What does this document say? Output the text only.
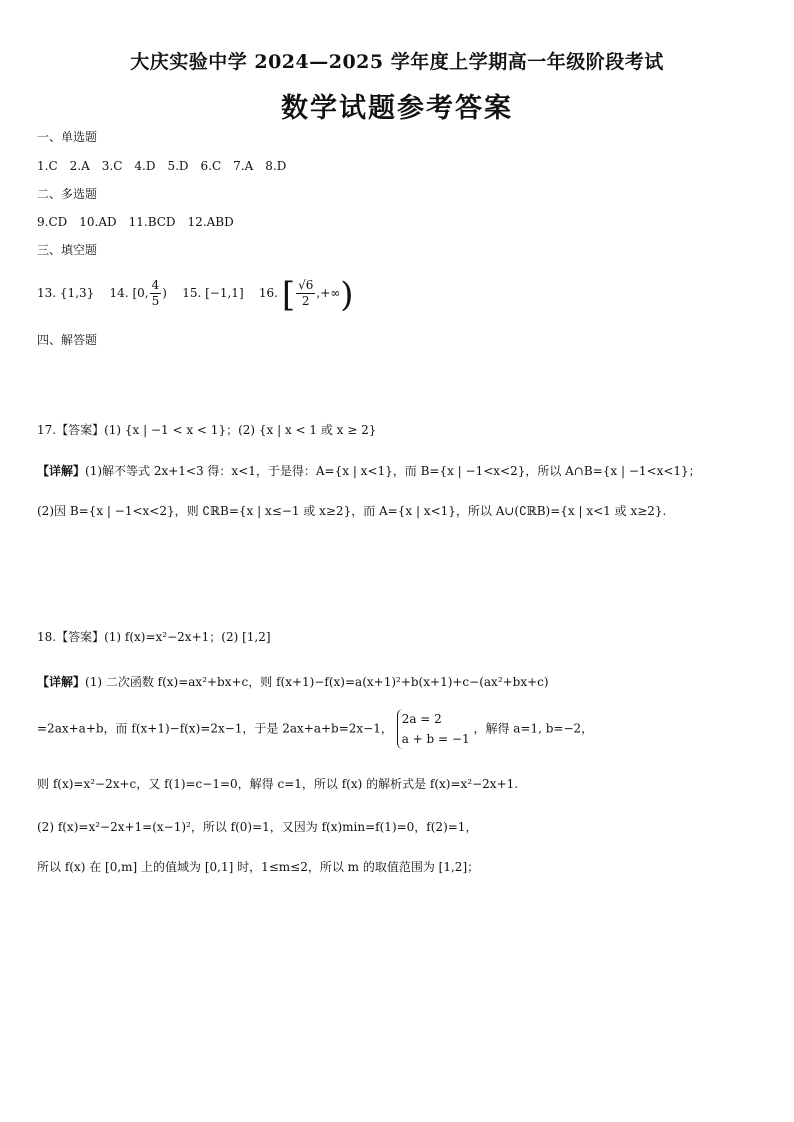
大庆实验中学 2024—2025 学年度上学期高一年级阶段考试
数学试题参考答案
一、单选题
1.C　2.A　3.C　4.D　5.D　6.C　7.A　8.D
二、多选题
9.CD　10.AD　11.BCD　12.ABD
三、填空题
13. {1,3} 14. [0, $\frac{4}{5}$ ) 15. [−1,1] 16. [ $\frac{√6}{2}$ ,+∞)
四、解答题
17.【答案】(1) {x | −1 < x < 1}；(2) {x | x < 1 或 x ≥ 2}
【详解】(1)解不等式 2x+1<3 得：x<1，于是得：A={x | x<1}，而 B={x | −1<x<2}，所以 A∩B={x | −1<x<1}；
(2)因 B={x | −1<x<2}，则 ∁ℝB={x | x≤−1 或 x≥2}，而 A={x | x<1}，所以 A∪(∁ℝB)={x | x<1 或 x≥2}.
18.【答案】(1) f(x)=x²−2x+1；(2) [1,2]
【详解】(1) 二次函数 f(x)=ax²+bx+c，则 f(x+1)−f(x)=a(x+1)²+b(x+1)+c−(ax²+bx+c)
=2ax+a+b，而 f(x+1)−f(x)=2x−1，于是 2ax+a+b=2x−1，
2a = 2
a + b = −1
，解得 a=1, b=−2，
则 f(x)=x²−2x+c，又 f(1)=c−1=0，解得 c=1，所以 f(x) 的解析式是 f(x)=x²−2x+1.
(2) f(x)=x²−2x+1=(x−1)²，所以 f(0)=1，又因为 f(x)min=f(1)=0，f(2)=1，
所以 f(x) 在 [0,m] 上的值域为 [0,1] 时，1≤m≤2，所以 m 的取值范围为 [1,2]；
